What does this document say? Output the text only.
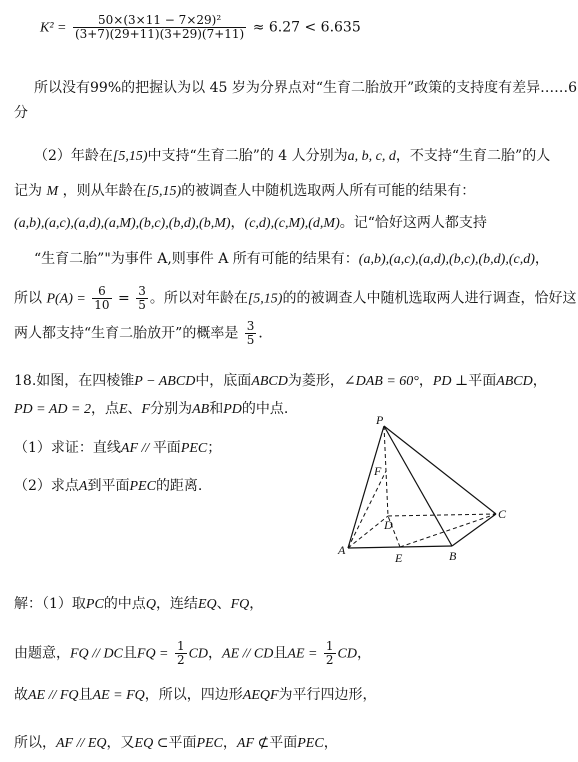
$K^2 = \frac{\text{50×(3×11 − 7×29)²}}{(3+7)(29+11)(3+29)(7+11)} \approx 6.27 < 6.635$
所以没有99%的把握认为以 45 岁为分界点对“生育二胎放开”政策的支持度有差异……6
分
（2）年龄在[5,15)中支持“生育二胎”的 4 人分别为a, b, c, d，不支持“生育二胎”的人
记为 M ，则从年龄在[5,15)的被调查人中随机选取两人所有可能的结果有：
(a,b),(a,c),(a,d),(a,M),(b,c),(b,d),(b,M)，(c,d),(c,M),(d,M)。记“恰好这两人都支持
“生育二胎”"为事件 A,则事件 A 所有可能的结果有：(a,b),(a,c),(a,d),(b,c),(b,d),(c,d)，
所以 $P(A) = \frac{6}{10} = \frac{3}{5}$ 。所以对年龄在[5,15)的的被调查人中随机选取两人进行调查，恰好这
两人都支持“生育二胎放开”的概率是 $\frac{3}{5}$ ．
18.如图，在四棱锥P − ABCD中，底面ABCD为菱形，∠DAB = 60°，PD ⊥平面ABCD，
PD = AD = 2，点E、F分别为AB和PD的中点.
（1）求证：直线AF // 平面PEC；
（2）求点A到平面PEC的距离.
P
F
D
C
A
E	B
解：（1）取PC的中点Q，连结EQ、FQ，
由题意，FQ // DC且FQ = $\frac{1}{2}$ CD，AE // CD且AE = $\frac{1}{2}$ CD，
故AE // FQ且AE = FQ，所以，四边形AEQF为平行四边形，
所以，AF // EQ，又EQ ⊂平面PEC，AF ⊄平面PEC，
